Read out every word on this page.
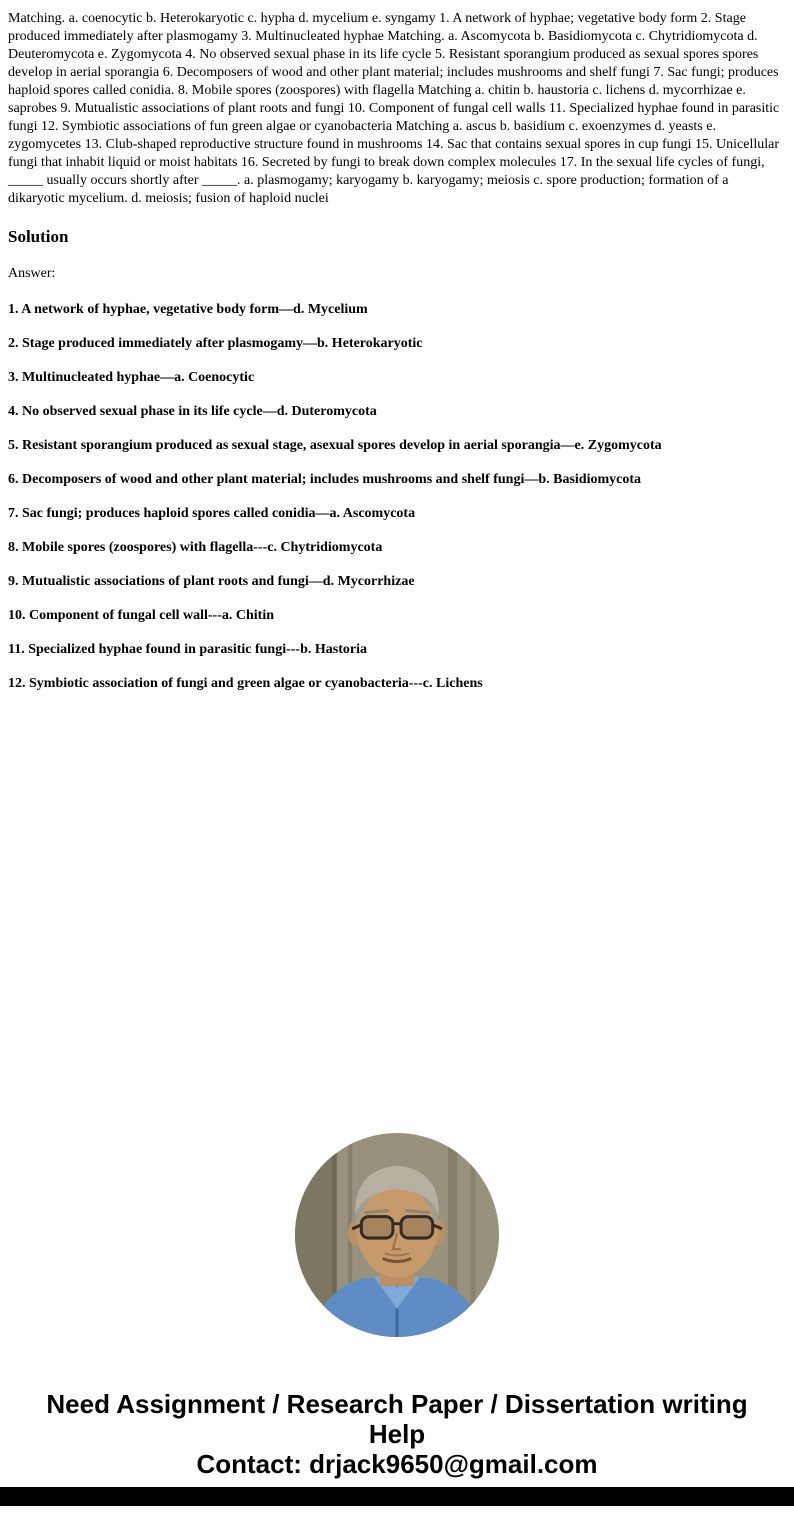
Matching. a. coenocytic b. Heterokaryotic c. hypha d. mycelium e. syngamy 1. A network of hyphae; vegetative body form 2. Stage produced immediately after plasmogamy 3. Multinucleated hyphae Matching. a. Ascomycota b. Basidiomycota c. Chytridiomycota d. Deuteromycota e. Zygomycota 4. No observed sexual phase in its life cycle 5. Resistant sporangium produced as sexual spores spores develop in aerial sporangia 6. Decomposers of wood and other plant material; includes mushrooms and shelf fungi 7. Sac fungi; produces haploid spores called conidia. 8. Mobile spores (zoospores) with flagella Matching a. chitin b. haustoria c. lichens d. mycorrhizae e. saprobes 9. Mutualistic associations of plant roots and fungi 10. Component of fungal cell walls 11. Specialized hyphae found in parasitic fungi 12. Symbiotic associations of fun green algae or cyanobacteria Matching a. ascus b. basidium c. exoenzymes d. yeasts e. zygomycetes 13. Club-shaped reproductive structure found in mushrooms 14. Sac that contains sexual spores in cup fungi 15. Unicellular fungi that inhabit liquid or moist habitats 16. Secreted by fungi to break down complex molecules 17. In the sexual life cycles of fungi, _____ usually occurs shortly after _____. a. plasmogamy; karyogamy b. karyogamy; meiosis c. spore production; formation of a dikaryotic mycelium. d. meiosis; fusion of haploid nuclei

Solution

Answer:

1. A network of hyphae, vegetative body form—d. Mycelium

2. Stage produced immediately after plasmogamy—b. Heterokaryotic

3. Multinucleated hyphae—a. Coenocytic

4. No observed sexual phase in its life cycle—d. Duteromycota

5. Resistant sporangium produced as sexual stage, asexual spores develop in aerial sporangia—e. Zygomycota

6. Decomposers of wood and other plant material; includes mushrooms and shelf fungi—b. Basidiomycota

7. Sac fungi; produces haploid spores called conidia—a. Ascomycota

8. Mobile spores (zoospores) with flagella---c. Chytridiomycota

9. Mutualistic associations of plant roots and fungi—d. Mycorrhizae

10. Component of fungal cell wall---a. Chitin

11. Specialized hyphae found in parasitic fungi---b. Hastoria

12. Symbiotic association of fungi and green algae or cyanobacteria---c. Lichens

Need Assignment / Research Paper / Dissertation writing Help
Contact: drjack9650@gmail.com
